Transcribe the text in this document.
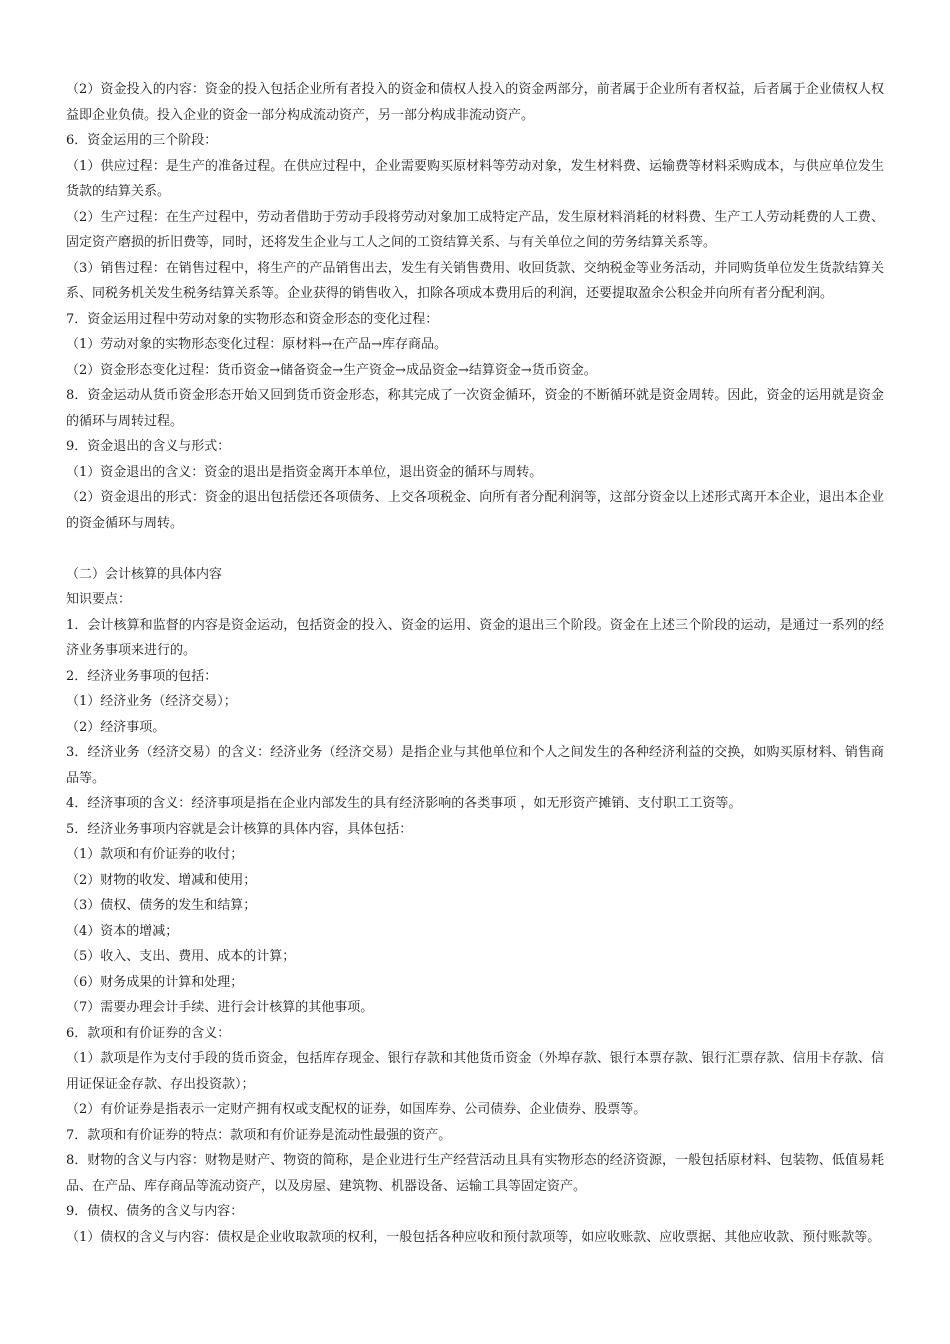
（2）资金投入的内容：资金的投入包括企业所有者投入的资金和债权人投入的资金两部分，前者属于企业所有者权益，后者属于企业债权人权益即企业负债。投入企业的资金一部分构成流动资产，另一部分构成非流动资产。

6．资金运用的三个阶段：

（1）供应过程：是生产的准备过程。在供应过程中，企业需要购买原材料等劳动对象，发生材料费、运输费等材料采购成本，与供应单位发生货款的结算关系。

（2）生产过程：在生产过程中，劳动者借助于劳动手段将劳动对象加工成特定产品，发生原材料消耗的材料费、生产工人劳动耗费的人工费、固定资产磨损的折旧费等，同时，还将发生企业与工人之间的工资结算关系、与有关单位之间的劳务结算关系等。

（3）销售过程：在销售过程中，将生产的产品销售出去，发生有关销售费用、收回货款、交纳税金等业务活动，并同购货单位发生货款结算关系、同税务机关发生税务结算关系等。企业获得的销售收入，扣除各项成本费用后的利润，还要提取盈余公积金并向所有者分配利润。

7．资金运用过程中劳动对象的实物形态和资金形态的变化过程：

（1）劳动对象的实物形态变化过程：原材料→在产品→库存商品。

（2）资金形态变化过程：货币资金→储备资金→生产资金→成品资金→结算资金→货币资金。

8．资金运动从货币资金形态开始又回到货币资金形态，称其完成了一次资金循环，资金的不断循环就是资金周转。因此，资金的运用就是资金的循环与周转过程。

9．资金退出的含义与形式：

（1）资金退出的含义：资金的退出是指资金离开本单位，退出资金的循环与周转。

（2）资金退出的形式：资金的退出包括偿还各项债务、上交各项税金、向所有者分配利润等，这部分资金以上述形式离开本企业，退出本企业的资金循环与周转。

（二）会计核算的具体内容

知识要点：

1．会计核算和监督的内容是资金运动，包括资金的投入、资金的运用、资金的退出三个阶段。资金在上述三个阶段的运动，是通过一系列的经济业务事项来进行的。

2．经济业务事项的包括：

（1）经济业务（经济交易）；

（2）经济事项。

3．经济业务（经济交易）的含义：经济业务（经济交易）是指企业与其他单位和个人之间发生的各种经济利益的交换，如购买原材料、销售商品等。

4．经济事项的含义：经济事项是指在企业内部发生的具有经济影响的各类事项 ，如无形资产摊销、支付职工工资等。

5．经济业务事项内容就是会计核算的具体内容，具体包括：

（1）款项和有价证券的收付；

（2）财物的收发、增减和使用；

（3）债权、债务的发生和结算；

（4）资本的增减；

（5）收入、支出、费用、成本的计算；

（6）财务成果的计算和处理；

（7）需要办理会计手续、进行会计核算的其他事项。

6．款项和有价证券的含义：

（1）款项是作为支付手段的货币资金，包括库存现金、银行存款和其他货币资金（外埠存款、银行本票存款、银行汇票存款、信用卡存款、信用证保证金存款、存出投资款）；

（2）有价证券是指表示一定财产拥有权或支配权的证券，如国库券、公司债券、企业债券、股票等。

7．款项和有价证券的特点：款项和有价证券是流动性最强的资产。

8．财物的含义与内容：财物是财产、物资的简称，是企业进行生产经营活动且具有实物形态的经济资源，一般包括原材料、包装物、低值易耗品、在产品、库存商品等流动资产，以及房屋、建筑物、机器设备、运输工具等固定资产。

9．债权、债务的含义与内容：

（1）债权的含义与内容：债权是企业收取款项的权利，一般包括各种应收和预付款项等，如应收账款、应收票据、其他应收款、预付账款等。
